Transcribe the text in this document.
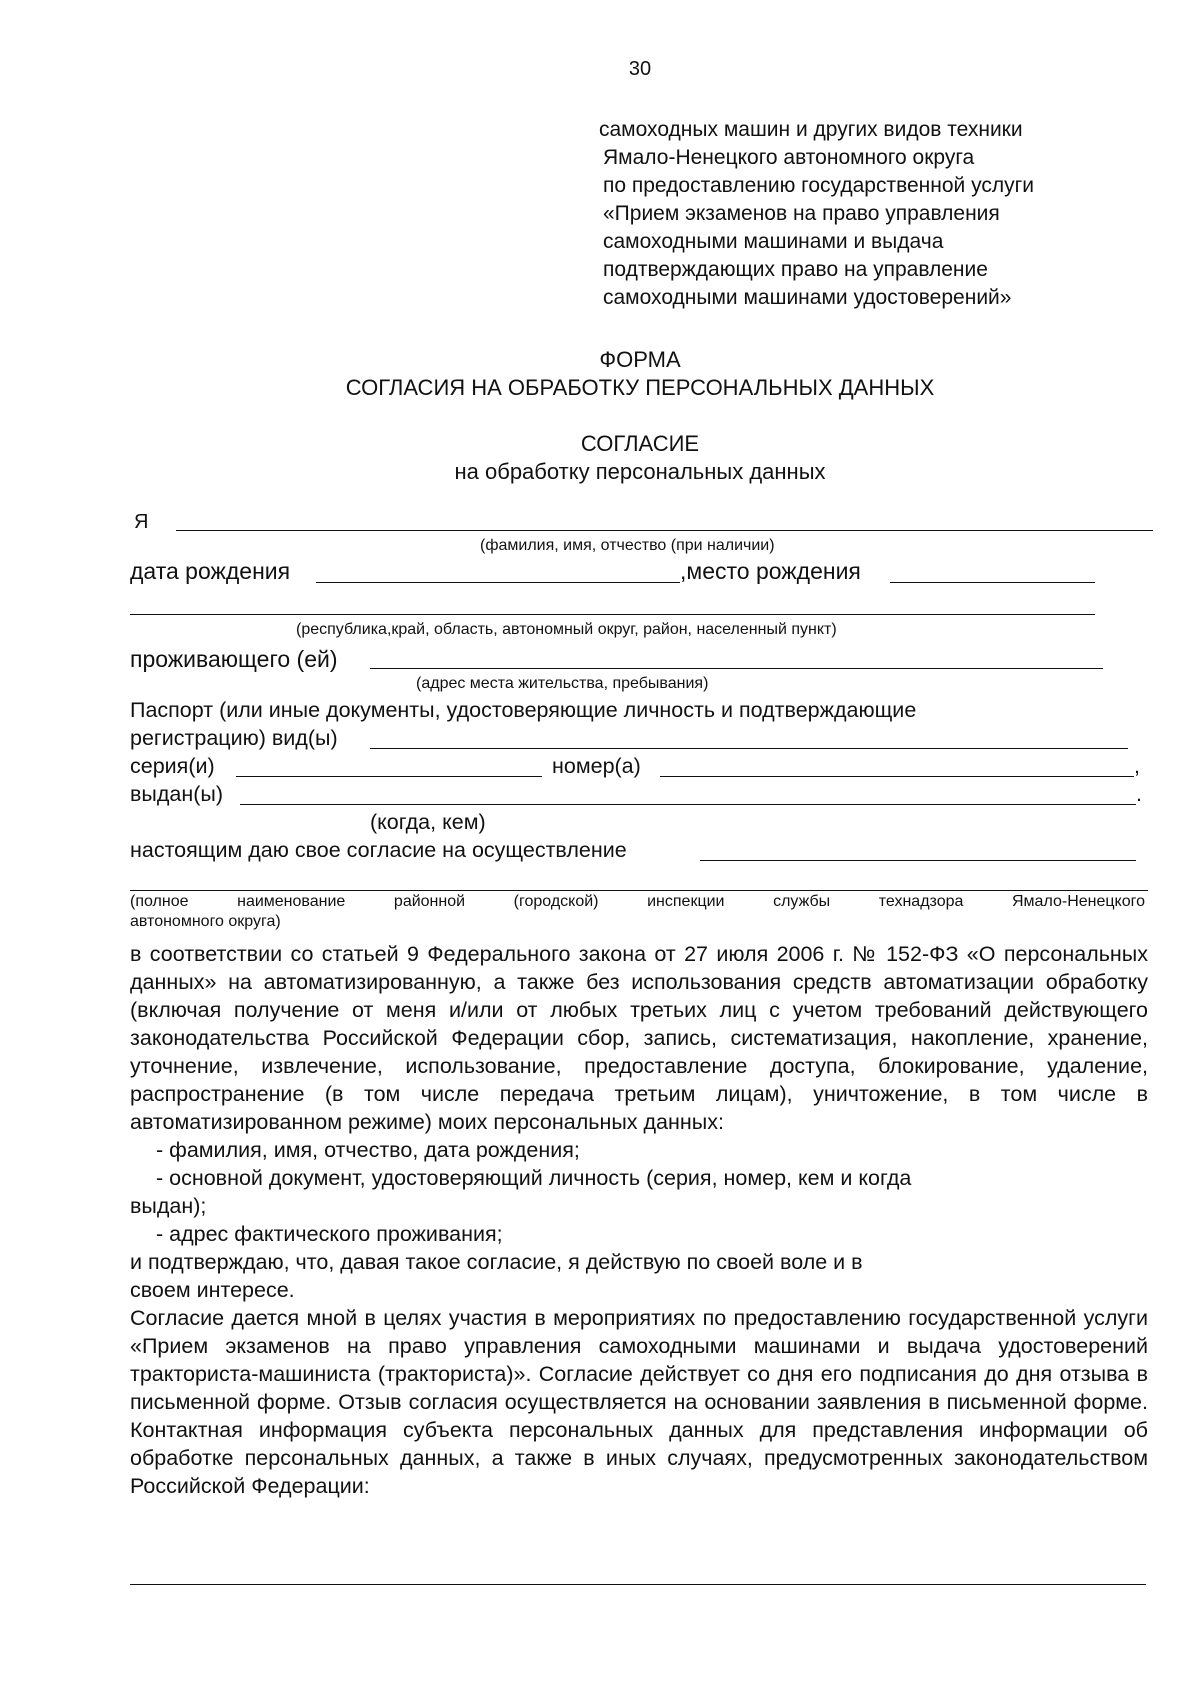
30
самоходных машин и других видов техники
Ямало-Ненецкого автономного округа
по предоставлению государственной услуги
«Прием экзаменов на право управления
самоходными машинами и выдача
подтверждающих право на управление
самоходными машинами удостоверений»
ФОРМА
СОГЛАСИЯ НА ОБРАБОТКУ ПЕРСОНАЛЬНЫХ ДАННЫХ
СОГЛАСИЕ
на обработку персональных данных
Я
(фамилия, имя, отчество (при наличии)
дата рождения	,место рождения
(республика,край, область, автономный округ, район, населенный пункт)
проживающего (ей)
(адрес места жительства, пребывания)
Паспорт (или иные документы, удостоверяющие личность и подтверждающие
регистрацию) вид(ы)
серия(и)	номер(а)	,
выдан(ы)	.
(когда, кем)
настоящим даю свое согласие на осуществление
(полное наименование районной (городской) инспекции службы технадзора Ямало-Ненецкого
автономного округа)

в соответствии со статьей 9 Федерального закона от 27 июля 2006 г. № 152-ФЗ «О персональных данных» на автоматизированную, а также без использования средств автоматизации обработку (включая получение от меня и/или от любых третьих лиц с учетом требований действующего законодательства Российской Федерации сбор, запись, систематизация, накопление, хранение, уточнение, извлечение, использование, предоставление доступа, блокирование, удаление, распространение (в том числе передача третьим лицам), уничтожение, в том числе в автоматизированном режиме) моих персональных данных:

- фамилия, имя, отчество, дата рождения;

- основной документ, удостоверяющий личность (серия, номер, кем и когда

выдан);

- адрес фактического проживания;

и подтверждаю, что, давая такое согласие, я действую по своей воле и в

своем интересе.

Согласие дается мной в целях участия в мероприятиях по предоставлению государственной услуги «Прием экзаменов на право управления самоходными машинами и выдача удостоверений тракториста-машиниста (тракториста)». Согласие действует со дня его подписания до дня отзыва в письменной форме. Отзыв согласия осуществляется на основании заявления в письменной форме. Контактная информация субъекта персональных данных для представления информации об обработке персональных данных, а также в иных случаях, предусмотренных законодательством Российской Федерации:
